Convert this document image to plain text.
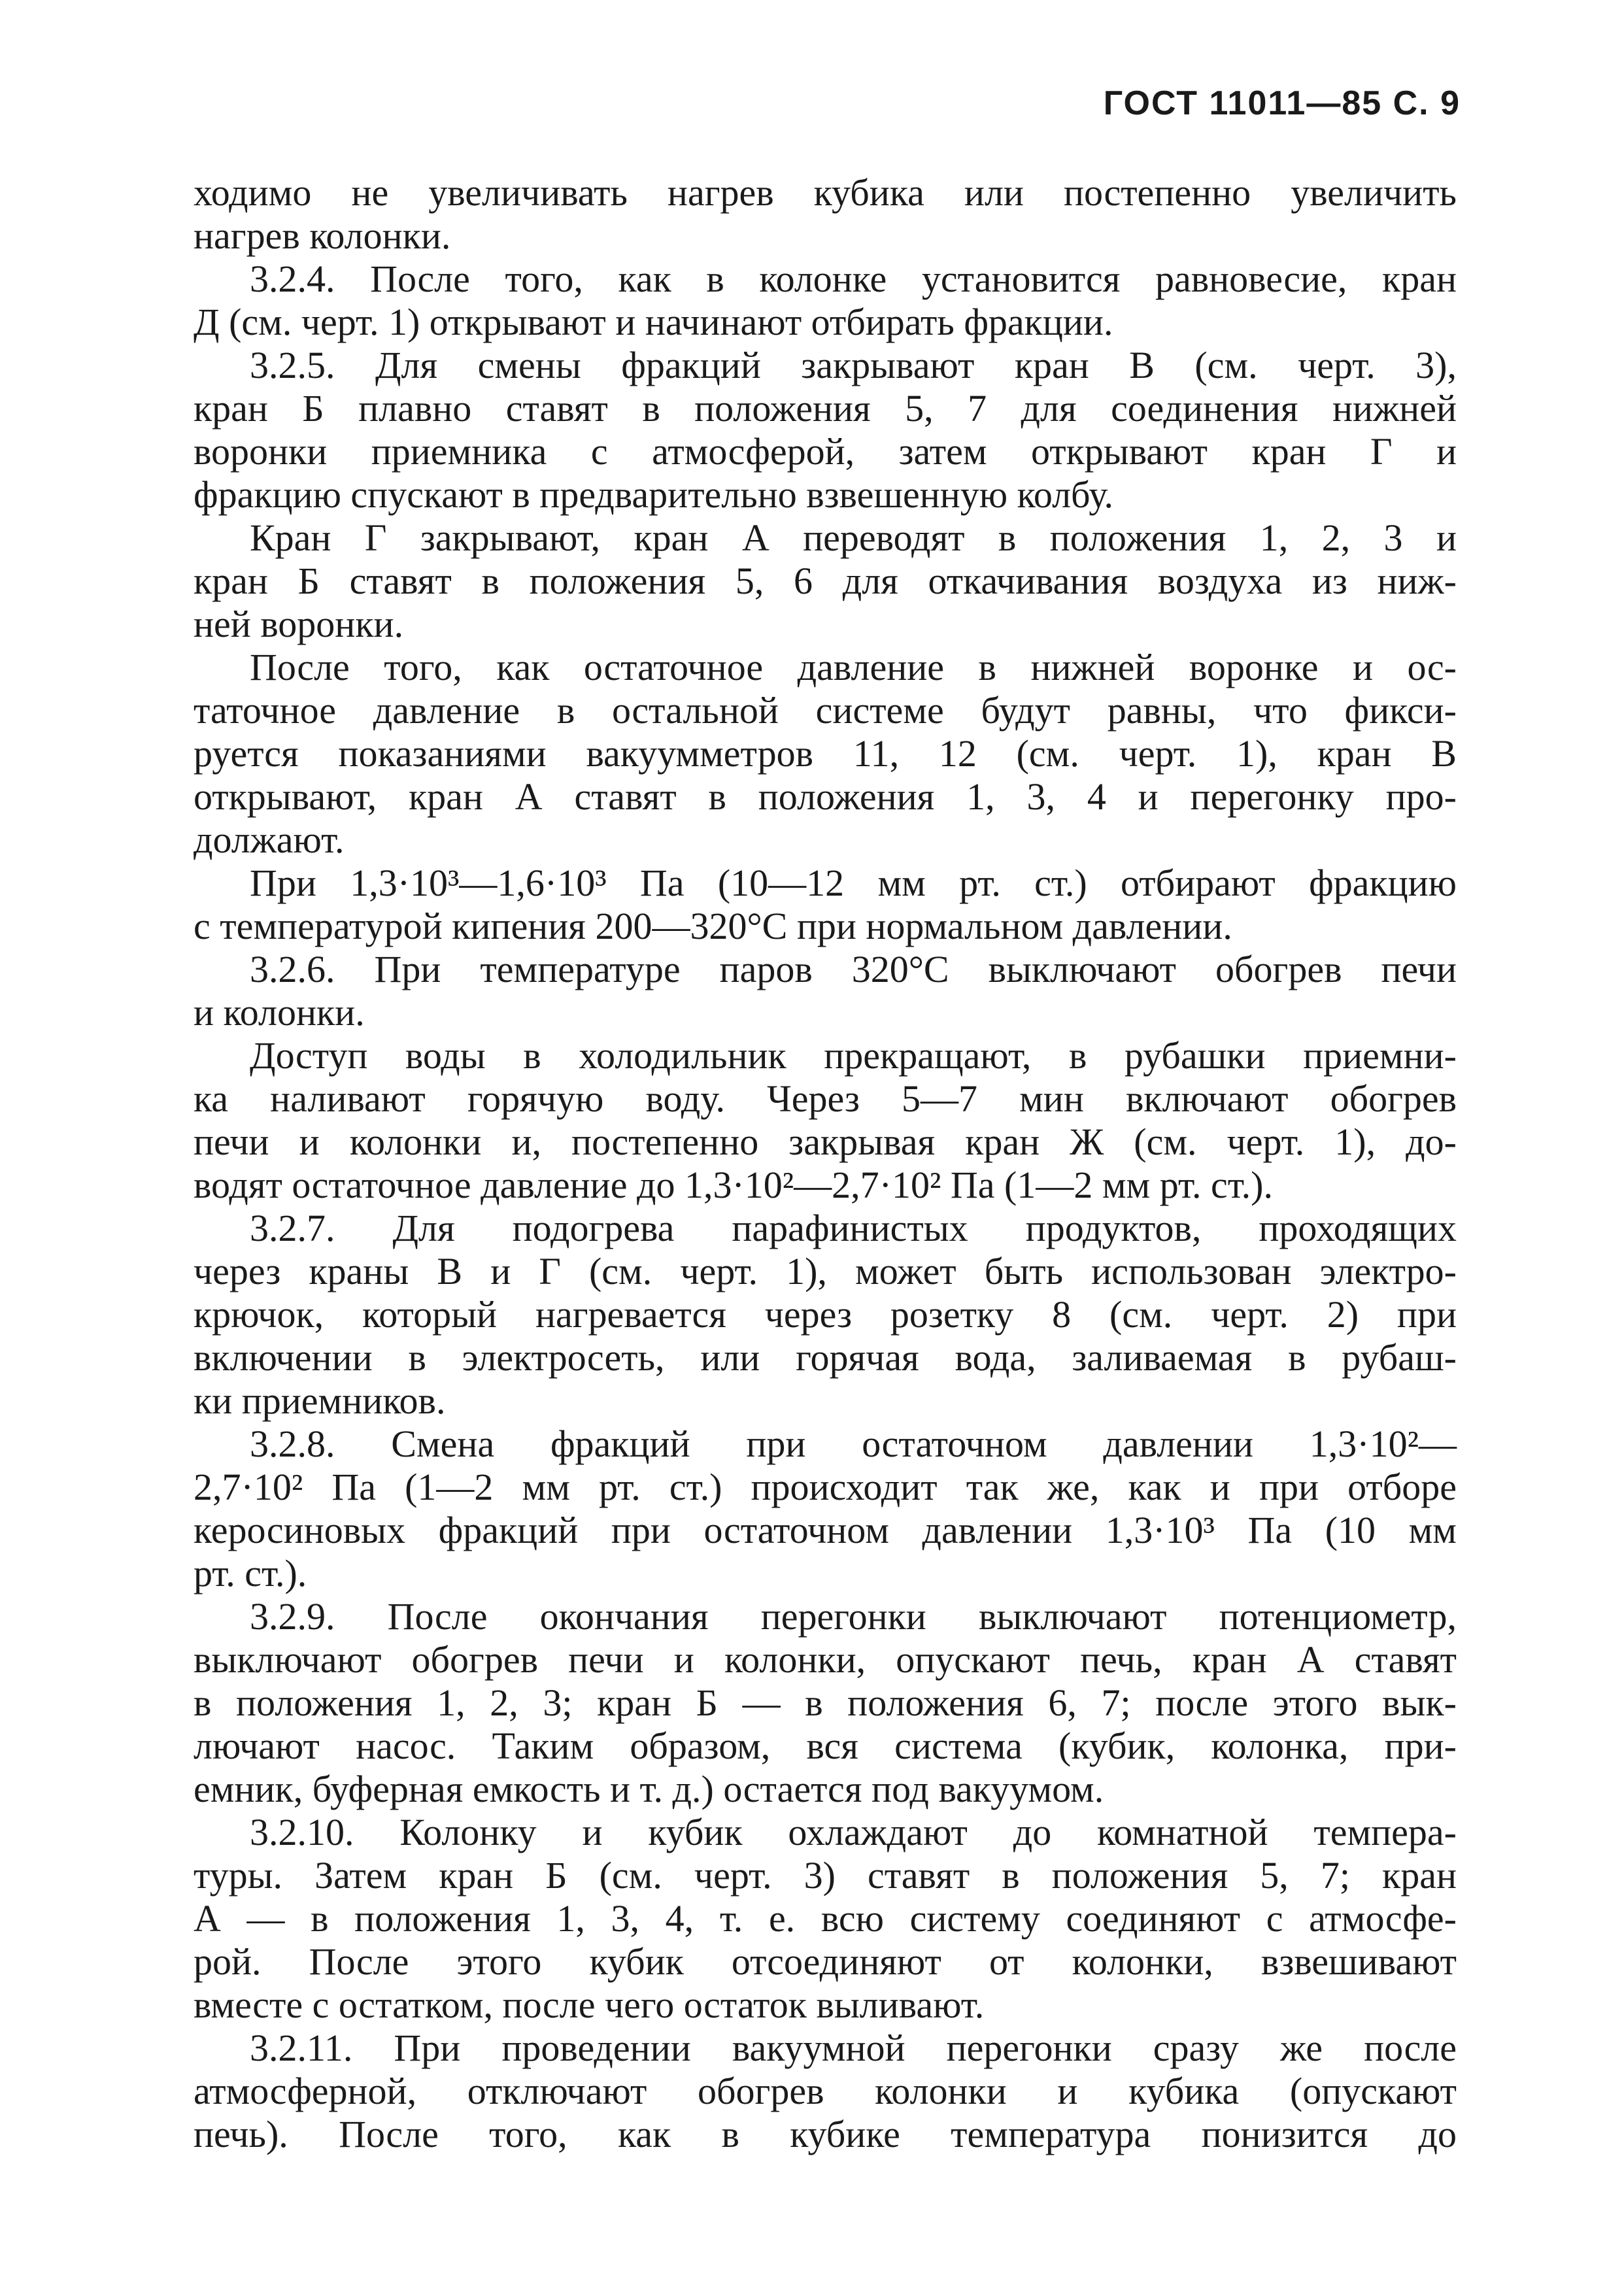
ГОСТ 11011—85 С. 9
ходимо не увеличивать нагрев кубика или постепенно увеличить
нагрев колонки.
3.2.4. После того, как в колонке установится равновесие, кран
Д (см. черт. 1) открывают и начинают отбирать фракции.
3.2.5. Для смены фракций закрывают кран В (см. черт. 3),
кран Б плавно ставят в положения 5, 7 для соединения нижней
воронки приемника с атмосферой, затем открывают кран Г и
фракцию спускают в предварительно взвешенную колбу.
Кран Г закрывают, кран А переводят в положения 1, 2, 3 и
кран Б ставят в положения 5, 6 для откачивания воздуха из ниж-
ней воронки.
После того, как остаточное давление в нижней воронке и ос-
таточное давление в остальной системе будут равны, что фикси-
руется показаниями вакуумметров 11, 12 (см. черт. 1), кран В
открывают, кран А ставят в положения 1, 3, 4 и перегонку про-
должают.
При 1,3·10³—1,6·10³ Па (10—12 мм рт. ст.) отбирают фракцию
с температурой кипения 200—320°С при нормальном давлении.
3.2.6. При температуре паров 320°С выключают обогрев печи
и колонки.
Доступ воды в холодильник прекращают, в рубашки приемни-
ка наливают горячую воду. Через 5—7 мин включают обогрев
печи и колонки и, постепенно закрывая кран Ж (см. черт. 1), до-
водят остаточное давление до 1,3·10²—2,7·10² Па (1—2 мм рт. ст.).
3.2.7. Для подогрева парафинистых продуктов, проходящих
через краны В и Г (см. черт. 1), может быть использован электро-
крючок, который нагревается через розетку 8 (см. черт. 2) при
включении в электросеть, или горячая вода, заливаемая в рубаш-
ки приемников.
3.2.8. Смена фракций при остаточном давлении 1,3·10²—
2,7·10² Па (1—2 мм рт. ст.) происходит так же, как и при отборе
керосиновых фракций при остаточном давлении 1,3·10³ Па (10 мм
рт. ст.).
3.2.9. После окончания перегонки выключают потенциометр,
выключают обогрев печи и колонки, опускают печь, кран А ставят
в положения 1, 2, 3; кран Б — в положения 6, 7; после этого вык-
лючают насос. Таким образом, вся система (кубик, колонка, при-
емник, буферная емкость и т. д.) остается под вакуумом.
3.2.10. Колонку и кубик охлаждают до комнатной темпера-
туры. Затем кран Б (см. черт. 3) ставят в положения 5, 7; кран
А — в положения 1, 3, 4, т. е. всю систему соединяют с атмосфе-
рой. После этого кубик отсоединяют от колонки, взвешивают
вместе с остатком, после чего остаток выливают.
3.2.11. При проведении вакуумной перегонки сразу же после
атмосферной, отключают обогрев колонки и кубика (опускают
печь). После того, как в кубике температура понизится до
